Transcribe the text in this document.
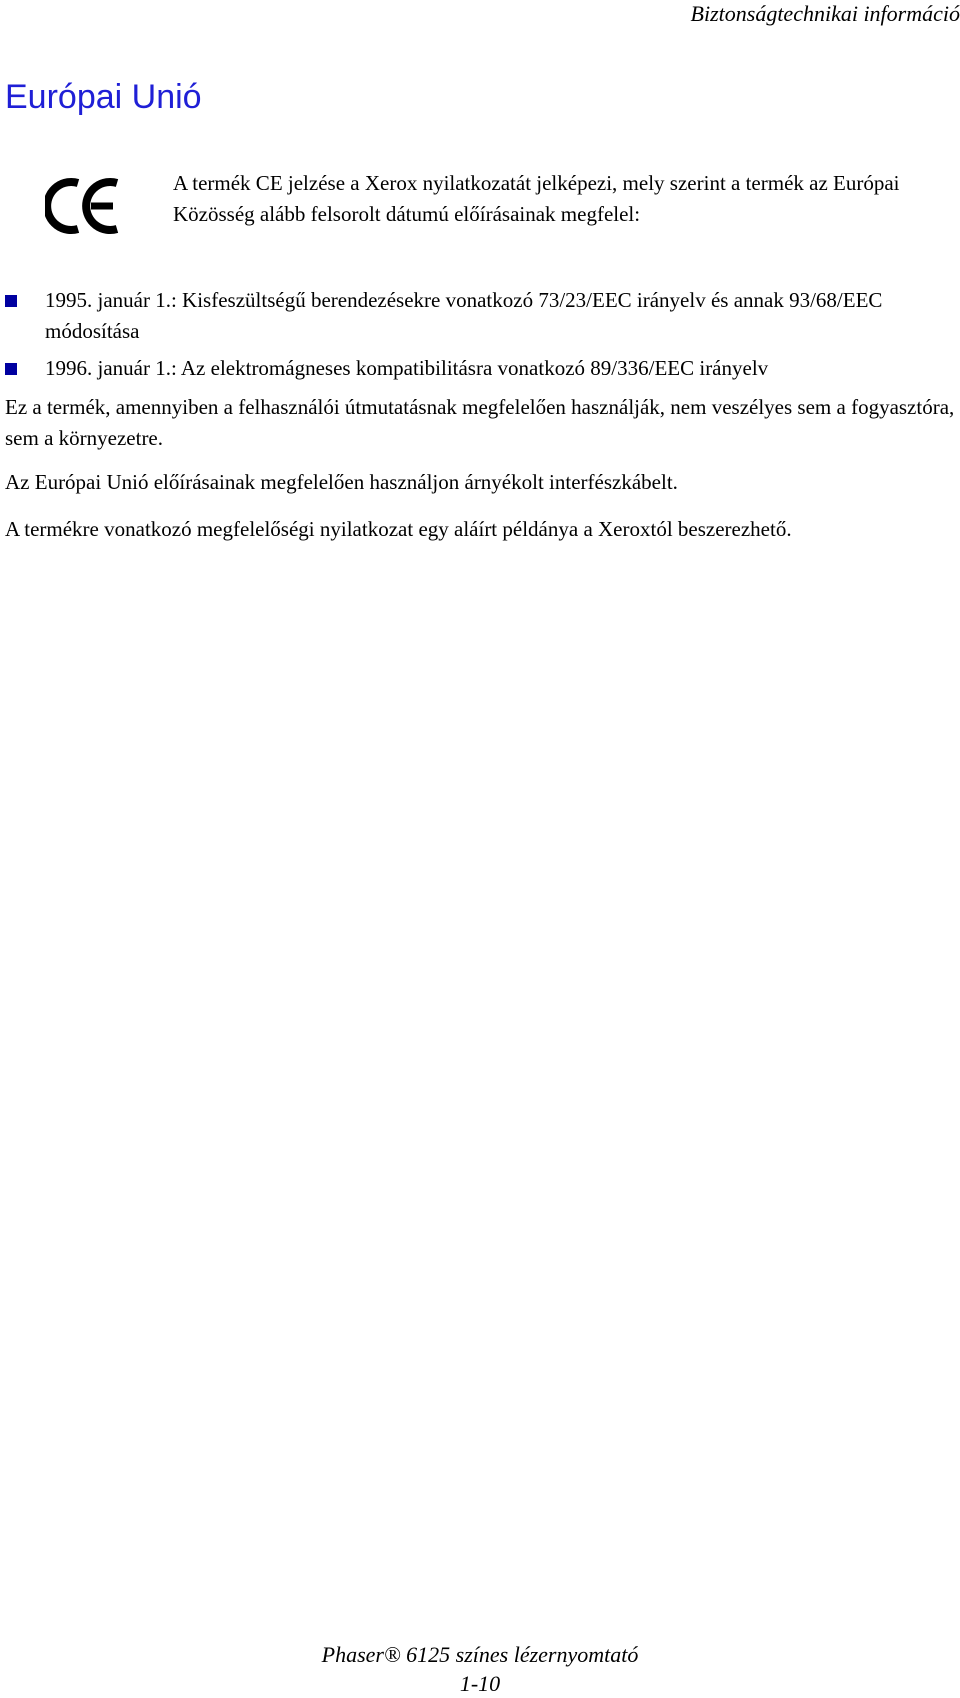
Biztonságtechnikai információ
Európai Unió

A termék CE jelzése a Xerox nyilatkozatát jelképezi, mely szerint a termék az Európai Közösség alább felsorolt dátumú előírásainak megfelel:

1995. január 1.: Kisfeszültségű berendezésekre vonatkozó 73/23/EEC irányelv és annak 93/68/EEC módosítása
1996. január 1.: Az elektromágneses kompatibilitásra vonatkozó 89/336/EEC irányelv

Ez a termék, amennyiben a felhasználói útmutatásnak megfelelően használják, nem veszélyes sem a fogyasztóra, sem a környezetre.

Az Európai Unió előírásainak megfelelően használjon árnyékolt interfészkábelt.

A termékre vonatkozó megfelelőségi nyilatkozat egy aláírt példánya a Xeroxtól beszerezhető.

Phaser® 6125 színes lézernyomtató
1-10
